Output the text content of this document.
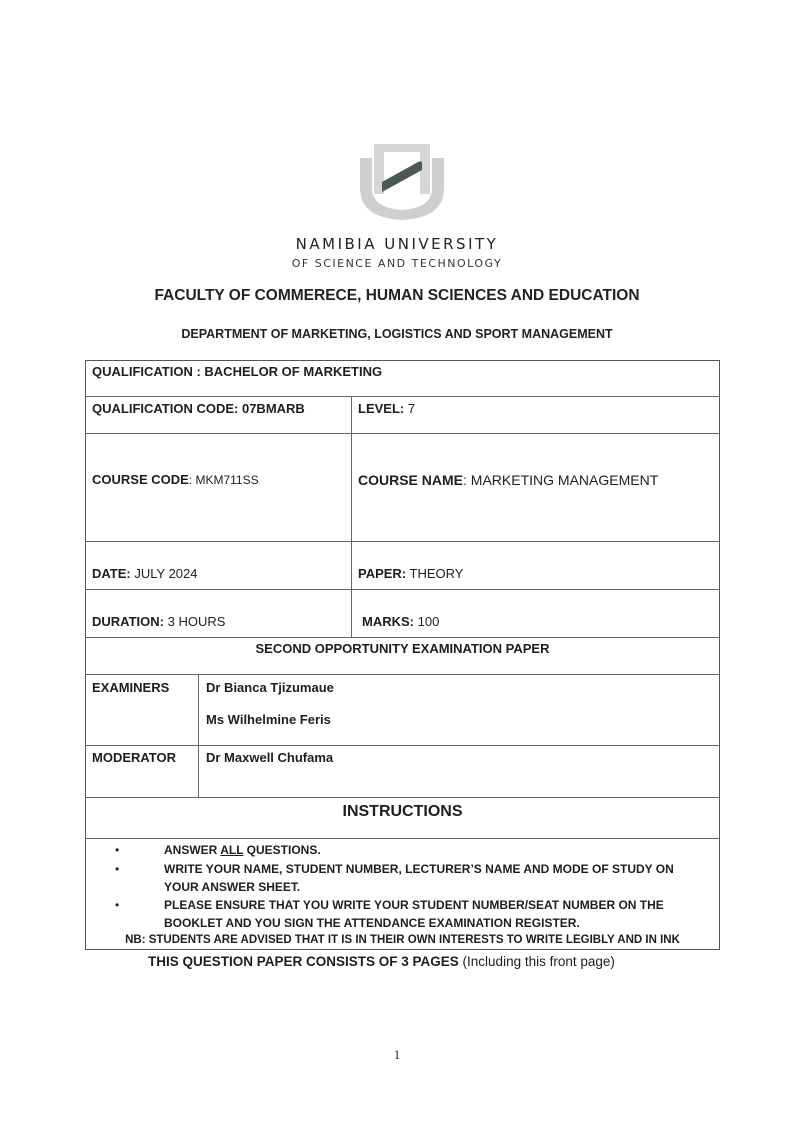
NAMIBIA UNIVERSITY
OF SCIENCE AND TECHNOLOGY
FACULTY OF COMMERECE, HUMAN SCIENCES AND EDUCATION
DEPARTMENT OF MARKETING, LOGISTICS AND SPORT MANAGEMENT
QUALIFICATION : BACHELOR OF MARKETING
QUALIFICATION CODE: 07BMARB	LEVEL: 7
COURSE CODE: MKM711SS	COURSE NAME: MARKETING MANAGEMENT
DATE: JULY 2024	PAPER: THEORY
DURATION: 3 HOURS	MARKS: 100
SECOND OPPORTUNITY EXAMINATION PAPER
EXAMINERS	Dr Bianca Tjizumaue
Ms Wilhelmine Feris
MODERATOR Dr Maxwell Chufama
INSTRUCTIONS
•	ANSWER ALL QUESTIONS.
•	WRITE YOUR NAME, STUDENT NUMBER, LECTURER’S NAME AND MODE OF STUDY ON
YOUR ANSWER SHEET.
•	PLEASE ENSURE THAT YOU WRITE YOUR STUDENT NUMBER/SEAT NUMBER ON THE
BOOKLET AND YOU SIGN THE ATTENDANCE EXAMINATION REGISTER.
NB: STUDENTS ARE ADVISED THAT IT IS IN THEIR OWN INTERESTS TO WRITE LEGIBLY AND IN INK
THIS QUESTION PAPER CONSISTS OF 3 PAGES (Including this front page)
1
